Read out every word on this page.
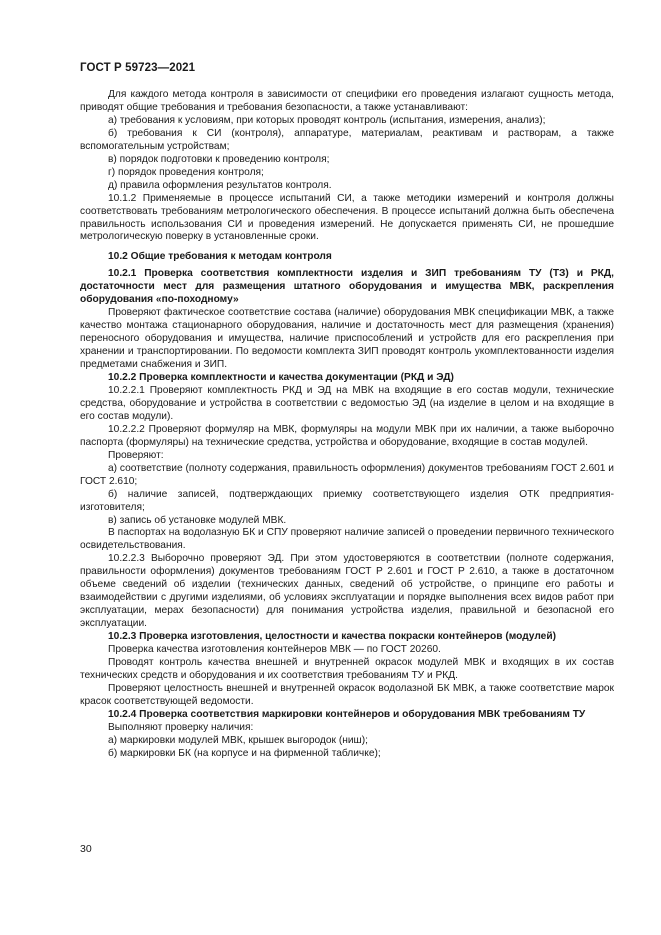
ГОСТ Р 59723—2021

Для каждого метода контроля в зависимости от специфики его проведения излагают сущность метода, приводят общие требования и требования безопасности, а также устанавливают:

а) требования к условиям, при которых проводят контроль (испытания, измерения, анализ);

б) требования к СИ (контроля), аппаратуре, материалам, реактивам и растворам, а также вспомогательным устройствам;

в) порядок подготовки к проведению контроля;

г) порядок проведения контроля;

д) правила оформления результатов контроля.

10.1.2 Применяемые в процессе испытаний СИ, а также методики измерений и контроля должны соответствовать требованиям метрологического обеспечения. В процессе испытаний должна быть обеспечена правильность использования СИ и проведения измерений. Не допускается применять СИ, не прошедшие метрологическую поверку в установленные сроки.

10.2 Общие требования к методам контроля

10.2.1 Проверка соответствия комплектности изделия и ЗИП требованиям ТУ (ТЗ) и РКД, достаточности мест для размещения штатного оборудования и имущества МВК, раскрепления оборудования «по-походному»

Проверяют фактическое соответствие состава (наличие) оборудования МВК спецификации МВК, а также качество монтажа стационарного оборудования, наличие и достаточность мест для размещения (хранения) переносного оборудования и имущества, наличие приспособлений и устройств для его раскрепления при хранении и транспортировании. По ведомости комплекта ЗИП проводят контроль укомплектованности изделия предметами снабжения и ЗИП.

10.2.2 Проверка комплектности и качества документации (РКД и ЭД)

10.2.2.1 Проверяют комплектность РКД и ЭД на МВК на входящие в его состав модули, технические средства, оборудование и устройства в соответствии с ведомостью ЭД (на изделие в целом и на входящие в его состав модули).

10.2.2.2 Проверяют формуляр на МВК, формуляры на модули МВК при их наличии, а также выборочно паспорта (формуляры) на технические средства, устройства и оборудование, входящие в состав модулей.

Проверяют:

а) соответствие (полноту содержания, правильность оформления) документов требованиям ГОСТ 2.601 и ГОСТ 2.610;

б) наличие записей, подтверждающих приемку соответствующего изделия ОТК предприятия-изготовителя;

в) запись об установке модулей МВК.

В паспортах на водолазную БК и СПУ проверяют наличие записей о проведении первичного технического освидетельствования.

10.2.2.3 Выборочно проверяют ЭД. При этом удостоверяются в соответствии (полноте содержания, правильности оформления) документов требованиям ГОСТ Р 2.601 и ГОСТ Р 2.610, а также в достаточном объеме сведений об изделии (технических данных, сведений об устройстве, о принципе его работы и взаимодействии с другими изделиями, об условиях эксплуатации и порядке выполнения всех видов работ при эксплуатации, мерах безопасности) для понимания устройства изделия, правильной и безопасной его эксплуатации.

10.2.3 Проверка изготовления, целостности и качества покраски контейнеров (модулей)

Проверка качества изготовления контейнеров МВК — по ГОСТ 20260.

Проводят контроль качества внешней и внутренней окрасок модулей МВК и входящих в их состав технических средств и оборудования и их соответствия требованиям ТУ и РКД.

Проверяют целостность внешней и внутренней окрасок водолазной БК МВК, а также соответствие марок красок соответствующей ведомости.

10.2.4 Проверка соответствия маркировки контейнеров и оборудования МВК требованиям ТУ

Выполняют проверку наличия:

а) маркировки модулей МВК, крышек выгородок (ниш);

б) маркировки БК (на корпусе и на фирменной табличке);

30
